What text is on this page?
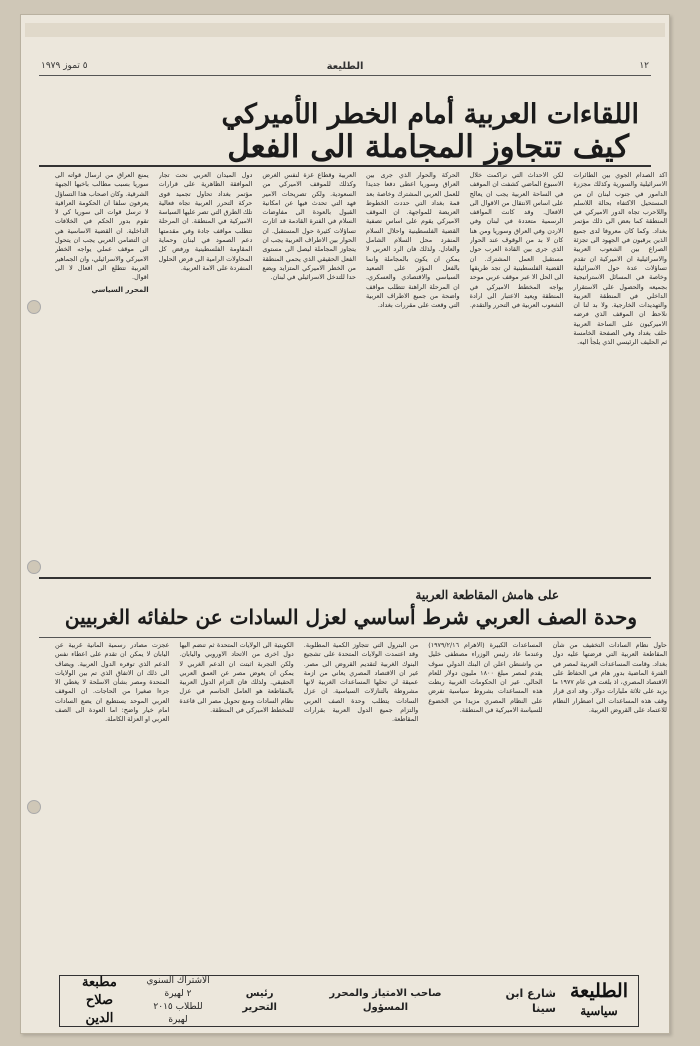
١٢
الطليعة
٥ تموز ١٩٧٩
اللقاءات العربية أمام الخطر الأميركي
كيف تتجاوز المجاملة الى الفعل

اكد الصدام الجوي بين الطائرات الاسرائيلية والسورية وكذلك مجزرة الدامور في جنوب لبنان ان من المستحيل الاكتفاء بحالة اللاسلم واللاحرب تجاه الدور الاميركي في المنطقة كما بعض الى ذلك مؤتمر بغداد. وكما كان معروفا لدى جميع الذين يرقبون في الجهود الى تجزئة الصراع بين الشعوب العربية والاسرائيلية ان الاميركية ان تقدم تساؤلات عدة حول الاسرائيلية وخاصة في المسائل الاستراتيجية بجميعه والحصول على الاستقرار الداخلي في المنطقة العربية والتهديدات الخارجية. ولا بد لنا ان نلاحظ ان الموقف الذي فرضه الاميركيون على الساحة العربية حلف بغداد وفي الصفحة الخامسة ثم الحليف الرئيسي الذي يلجأ اليه.

لكن الاحداث التي تراكمت خلال الاسبوع الماضي كشفت ان الموقف في الساحة العربية يجب ان يعالج على اساس الانتقال من الاقوال الى الافعال. وقد كانت المواقف الرسمية متعددة في لبنان وفي الاردن وفي العراق وسوريا ومن هنا كان لا بد من الوقوف عند الحوار الذي جرى بين القادة العرب حول مستقبل العمل المشترك. ان القضية الفلسطينية لن تجد طريقها الى الحل الا عبر موقف عربي موحد يواجه المخطط الاميركي في المنطقة ويعيد الاعتبار الى ارادة الشعوب العربية في التحرر والتقدم.

الحركة والحوار الذي جرى بين العراق وسوريا اعطى دفعا جديدا للعمل العربي المشترك وخاصة بعد قمة بغداد التي حددت الخطوط العريضة للمواجهة. ان الموقف الاميركي يقوم على اساس تصفية القضية الفلسطينية واحلال السلام المنفرد محل السلام الشامل والعادل. ولذلك فان الرد العربي لا يمكن ان يكون بالمجاملة وانما بالفعل المؤثر على الصعيد السياسي والاقتصادي والعسكري. ان المرحلة الراهنة تتطلب مواقف واضحة من جميع الاطراف العربية التي وقعت على مقررات بغداد.

العربية وقطاع غزة لنفس الغرض وكذلك للموقف الاميركي من السعودية. ولكن تصريحات الامير فهد التي تحدث فيها عن امكانية القبول بالعودة الى مفاوضات السلام في الفترة القادمة قد اثارت تساؤلات كثيرة حول المستقبل. ان الحوار بين الاطراف العربية يجب ان يتجاوز المجاملة ليصل الى مستوى الفعل الحقيقي الذي يحمي المنطقة من الخطر الاميركي المتزايد ويضع حدا للتدخل الاسرائيلي في لبنان.

دول الميدان العربي نحت تجار الموافقة الظاهرية على قرارات مؤتمر بغداد تحاول تجميد قوى حركة التحرر العربية تجاه فعالية تلك الطرق التي تصر عليها السياسة الاميركية في المنطقة. ان المرحلة تتطلب مواقف جادة وفي مقدمتها دعم الصمود في لبنان وحماية المقاومة الفلسطينية ورفض كل المحاولات الرامية الى فرض الحلول المنفردة على الامة العربية.

يمنع العراق من ارسال قواته الى سوريا بسبب مطالب باخيها الجبهة الشرقية. وكان اصحاب هذا التساؤل يعرفون سلفا ان الحكومة العراقية لا ترسل قوات الى سوريا كي لا تقوم بدور الحكم في الخلافات الداخلية. ان القضية الاساسية هي ان التضامن العربي يجب ان يتحول الى موقف عملي يواجه الخطر الاميركي والاسرائيلي، وان الجماهير العربية تتطلع الى افعال لا الى اقوال.

المحرر السياسي

على هامش المقاطعة العربية
وحدة الصف العربي شرط أساسي لعزل السادات عن حلفائه الغربيين

حاول نظام السادات التخفيف من شأن المقاطعة العربية التي فرضتها عليه دول بغداد. وقامت المساعدات العربية لمصر في الفترة الماضية بدور هام في الحفاظ على الاقتصاد المصري، اذ بلغت في عام ١٩٧٧ ما يزيد على ثلاثة مليارات دولار. وقد ادى قرار وقف هذه المساعدات الى اضطرار النظام للاعتماد على القروض الغربية.

المساعدات الكبيرة (الاهرام ١٩٧٩/٢/١٦) وعندما عاد رئيس الوزراء مصطفى خليل من واشنطن اعلن ان البنك الدولي سوف يقدم لمصر مبلغ ١٨٠٠ مليون دولار للعام الحالي. غير ان الحكومات الغربية ربطت هذه المساعدات بشروط سياسية تفرض على النظام المصري مزيدا من الخضوع للسياسة الاميركية في المنطقة.

من البترول التي تتجاوز الكمية المطلوبة. وقد اعتمدت الولايات المتحدة على تشجيع البنوك الغربية لتقديم القروض الى مصر. غير ان الاقتصاد المصري يعاني من ازمة عميقة لن تحلها المساعدات الغربية لانها مشروطة بالتنازلات السياسية. ان عزل السادات يتطلب وحدة الصف العربي والتزام جميع الدول العربية بقرارات المقاطعة.

الكويتية الى الولايات المتحدة ثم تنضم اليها دول اخرى من الاتحاد الاوروبي واليابان. ولكن التجربة اثبتت ان الدعم الغربي لا يمكن ان يعوض مصر عن العمق العربي الحقيقي. ولذلك فان التزام الدول العربية بالمقاطعة هو العامل الحاسم في عزل نظام السادات ومنع تحويل مصر الى قاعدة للمخطط الاميركي في المنطقة.

عجزت مصادر رسمية المانية غربية عن اليابان لا يمكن ان تقدم على اعطاء نفس الدعم الذي توفره الدول العربية. ويضاف الى ذلك ان الاتفاق الذي تم بين الولايات المتحدة ومصر بشأن الاسلحة لا يغطي الا جزءا صغيرا من الحاجات. ان الموقف العربي الموحد يستطيع ان يضع السادات امام خيار واضح: اما العودة الى الصف العربي او العزلة الكاملة.

الطليعة
سياسية
شارع ابن سينا
صاحب الامتياز والمحرر المسؤول
رئيس التحرير
الاشتراك السنوي
٢ لهيرة
للطلاب ٢٠١٥ لهيرة
مطبعة
صلاح الدين
